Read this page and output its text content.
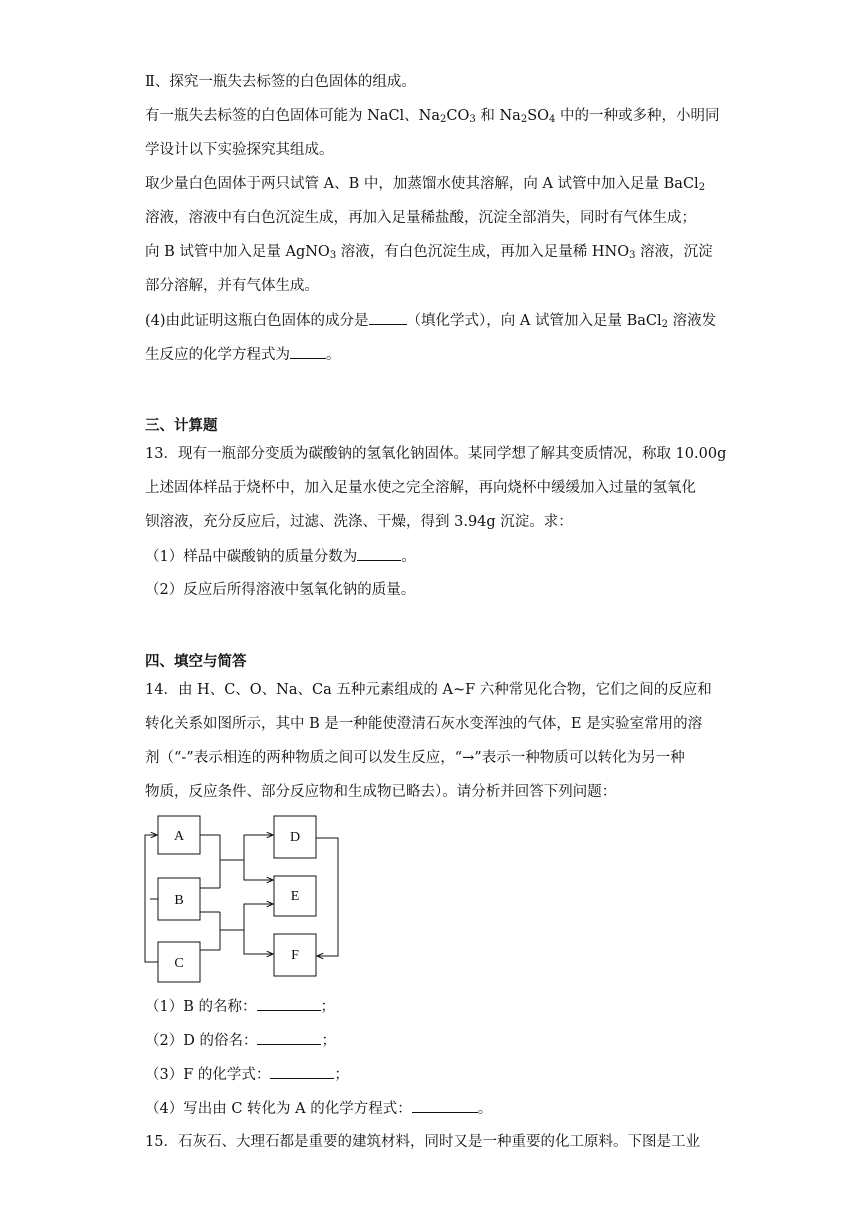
Ⅱ、探究一瓶失去标签的白色固体的组成。
有一瓶失去标签的白色固体可能为 NaCl、$Na_2CO_3$ 和 $Na_2SO_4$ 中的一种或多种，小明同
学设计以下实验探究其组成。
取少量白色固体于两只试管 A、B 中，加蒸馏水使其溶解，向 A 试管中加入足量 BaCl$_2$
溶液，溶液中有白色沉淀生成，再加入足量稀盐酸，沉淀全部消失，同时有气体生成；
向 B 试管中加入足量 AgNO$_3$ 溶液，有白色沉淀生成，再加入足量稀 $HNO_3$ 溶液，沉淀
部分溶解，并有气体生成。
(4)由此证明这瓶白色固体的成分是	（填化学式），向 A 试管加入足量 BaCl$_2$ 溶液发
生反应的化学方程式为 。
三、计算题
13．现有一瓶部分变质为碳酸钠的氢氧化钠固体。某同学想了解其变质情况，称取 10.00g
上述固体样品于烧杯中，加入足量水使之完全溶解，再向烧杯中缓缓加入过量的氢氧化
钡溶液，充分反应后，过滤、洗涤、干燥，得到 3.94g 沉淀。求：
（1）样品中碳酸钠的质量分数为	。
（2）反应后所得溶液中氢氧化钠的质量。
四、填空与简答
14．由 H、C、O、Na、Ca 五种元素组成的 A~F 六种常见化合物，它们之间的反应和
转化关系如图所示，其中 B 是一种能使澄清石灰水变浑浊的气体，E 是实验室常用的溶
剂（“-”表示相连的两种物质之间可以发生反应，“→”表示一种物质可以转化为另一种
物质，反应条件、部分反应物和生成物已略去）。请分析并回答下列问题：
A
B
C
D
E
F
（1）B 的名称：	；
（2）D 的俗名：	；
（3）F 的化学式：	；
（4）写出由 C 转化为 A 的化学方程式：	。
15．石灰石、大理石都是重要的建筑材料，同时又是一种重要的化工原料。下图是工业
